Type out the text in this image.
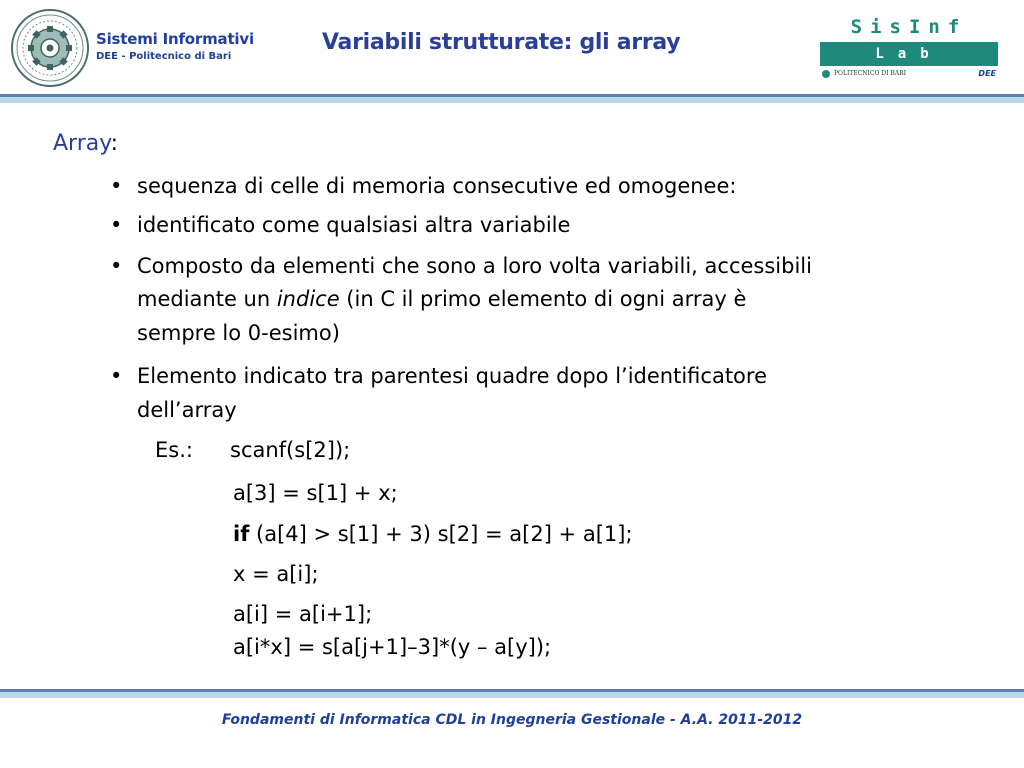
Sistemi Informativi
DEE - Politecnico di Bari
Variabili strutturate: gli array
SisInf
Lab
POLITECNICO DI BARI	DEE
Array:
• sequenza di celle di memoria consecutive ed omogenee:
• identificato come qualsiasi altra variabile
• Composto da elementi che sono a loro volta variabili, accessibili
mediante un indice (in C il primo elemento di ogni array è
sempre lo 0-esimo)
• Elemento indicato tra parentesi quadre dopo l’identificatore
dell’array
Es.: scanf(s[2]);
a[3] = s[1] + x;
if (a[4] > s[1] + 3) s[2] = a[2] + a[1];
x = a[i];
a[i] = a[i+1];
a[i*x] = s[a[j+1]–3]*(y – a[y]);
Fondamenti di Informatica CDL in Ingegneria Gestionale - A.A. 2011-2012
